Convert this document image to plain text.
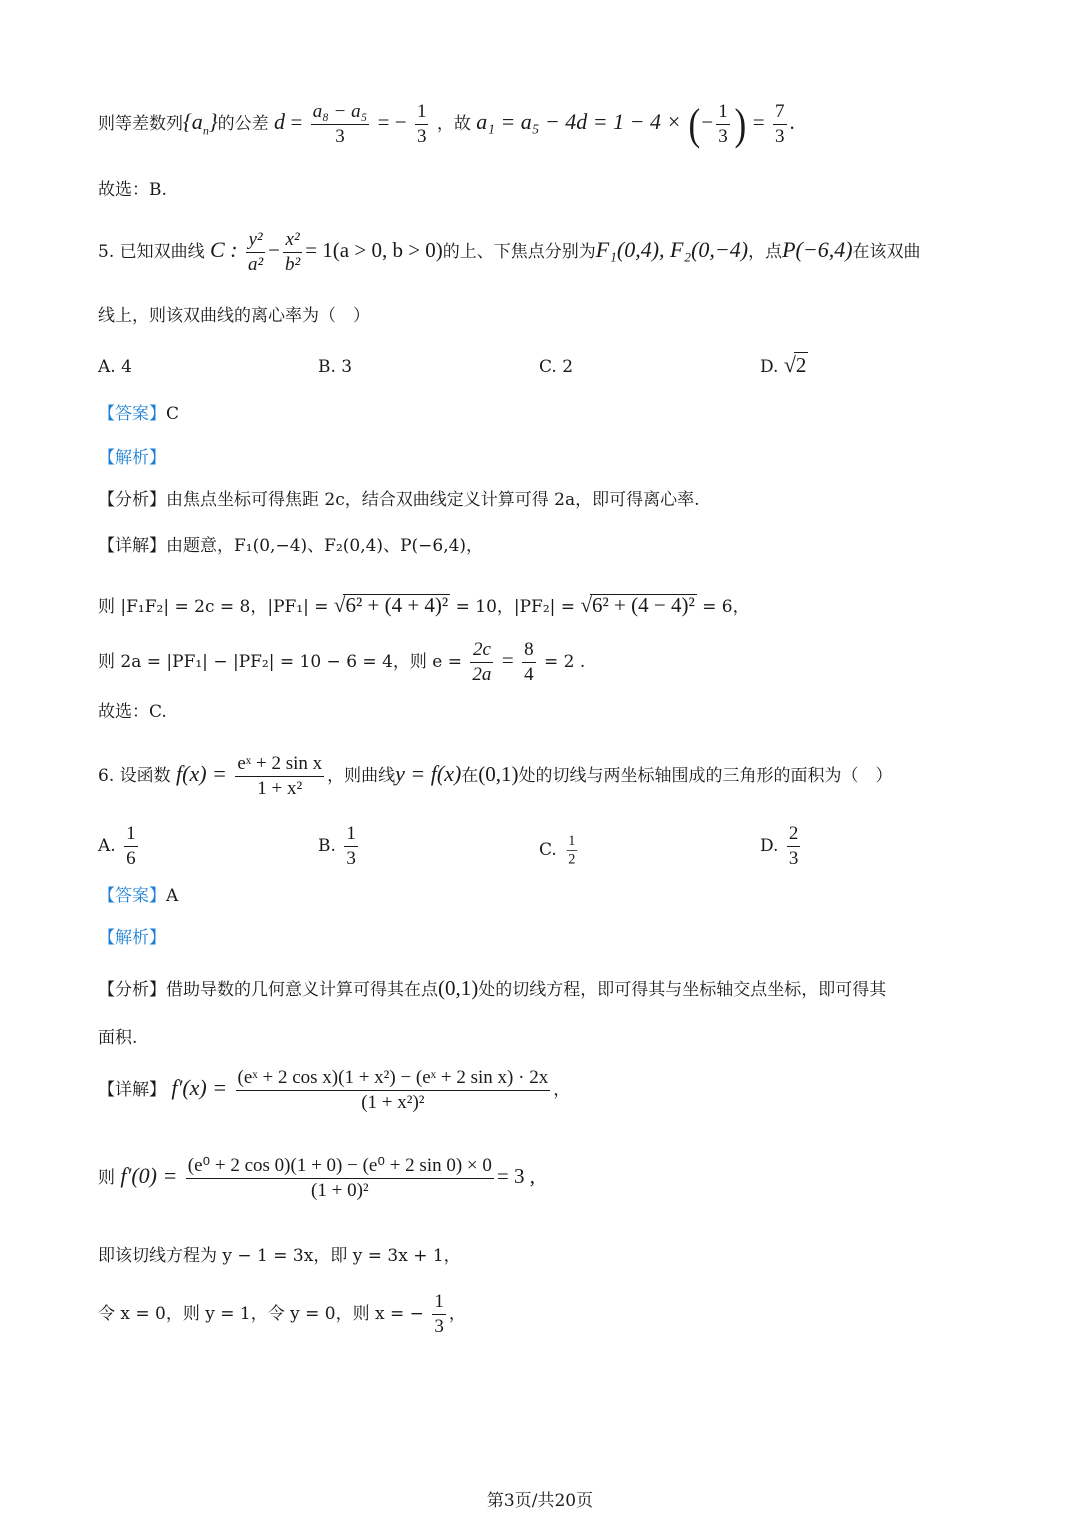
则等差数列$\{a_n\}$的公差 $d = \frac{\text{a₈ − a₅}}{3}$ = − $\frac{1}{3}$ ，故 a₁ = a₅ − 4d = 1 − 4 × (− $\frac{1}{3}$ ) = $\frac{7}{3}$ .
故选：B.
5. 已知双曲线 C : $\frac{\text{y²}}{\text{a²}} - \frac{\text{x²}}{\text{b²}} = 1(a > 0$, b > 0)的上、下焦点分别为F₁(0,4), F₂(0,−4)，点P(−6,4)在该双曲
线上，则该双曲线的离心率为（　）
A. 4	B. 3	C. 2	D. √2
【答案】C
【解析】
【分析】由焦点坐标可得焦距 2c，结合双曲线定义计算可得 2a，即可得离心率.
【详解】由题意，F₁(0,−4)、F₂(0,4)、P(−6,4)，
则 |F₁F₂| = 2c = 8，|PF₁| = √6² + (4 + 4)² = 10，|PF₂| = √6² + (4 − 4)² = 6，
则 2a = |PF₁| − |PF₂| = 10 − 6 = 4，则 $e = \frac{2c}{2a} = \frac{8}{4} = 2$ .
故选：C.
6. 设函数 $f(x) = \frac{\text{eˣ + 2 sin x}}{\text{1 + x²}}$ ，则曲线y = f(x)在(0,1)处的切线与两坐标轴围成的三角形的面积为（　）
A. $\frac{1}{6}$	B. $\frac{1}{3}$	C. $\frac{1}{2}$	D. $\frac{2}{3}$
【答案】A
【解析】
【分析】借助导数的几何意义计算可得其在点(0,1)处的切线方程，即可得其与坐标轴交点坐标，即可得其
面积.
【详解】 $f'(x) = \frac{\text{(eˣ + 2 cos x)(1 + x²) − (eˣ + 2 sin x) · 2x}}{\text{(1 + x²)²}}$ ，
则 $f'(0) = \frac{\text{(e⁰ + 2 cos 0)(1 + 0) − (e⁰ + 2 sin 0) × 0}}{\text{(1 + 0)²}} = 3$ ,
即该切线方程为 y − 1 = 3x，即 y = 3x + 1，
令 x = 0，则 y = 1，令 y = 0，则 x = − $\frac{1}{3}$ ，
第3页/共20页
